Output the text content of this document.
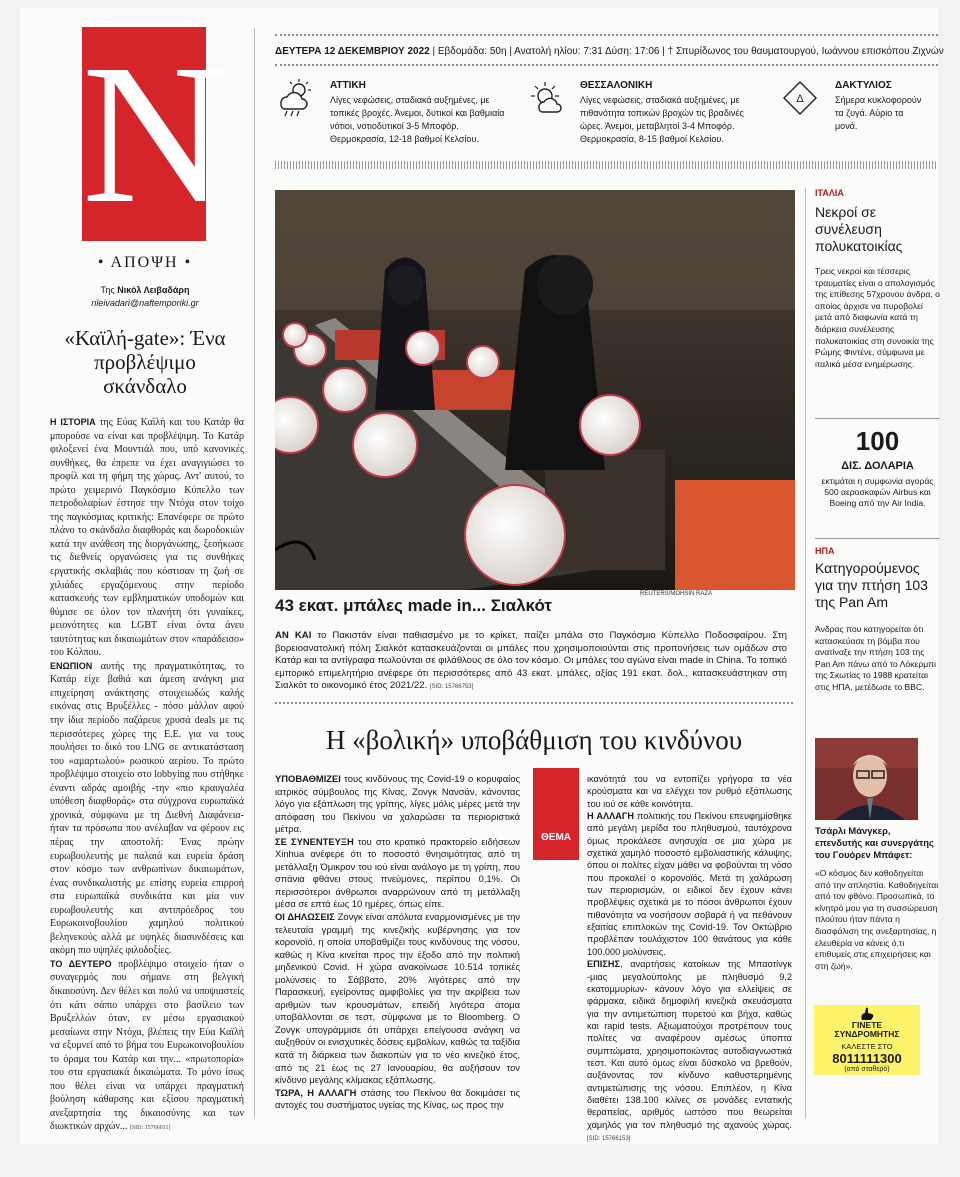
N
• ΑΠΟΨΗ •
Της Νικόλ Λειβαδάρη
nleivadari@naftemporiki.gr
«Καϊλή-gate»: Ένα προβλέψιμο σκάνδαλο

Η ΙΣΤΟΡΙΑ της Εύας Καϊλή και του Κατάρ θα μπορούσε να είναι και προβλέψιμη. Το Κατάρ φιλοξενεί ένα Μουντιάλ που, υπό κανονικές συνθήκες, θα έπρεπε να έχει αναγιγιώσει το προφίλ και τη φήμη της χώρας. Αντ' αυτού, το πρώτο χειμερινό Παγκόσμιο Κύπελλο των πετροδολαρίων έστησε την Ντόχα στον τοίχο της παγκόσμιας κριτικής: Επανέφερε σε πρώτο πλάνο το σκάνδαλο διαφθοράς και δωροδοκιών κατά την ανάθεση της διοργάνωσης, ξεσήκωσε τις διεθνείς οργανώσεις για τις συνθήκες εργατικής σκλαβιάς που κόστισαν τη ζωή σε χιλιάδες εργαζόμενους στην περίοδο κατασκευής των εμβληματικών υποδομών και θύμισε σε όλον τον πλανήτη ότι γυναίκες, μειονότητες και LGBT είναι όντα άνευ ταυτότητας και δικαιωμάτων στον «παράδεισο» του Κόλπου.

ΕΝΩΠΙΟΝ αυτής της πραγματικότητας, το Κατάρ είχε βαθιά και άμεση ανάγκη μια επιχείρηση ανάκτησης στοιχειωδώς καλής εικόνας στις Βρυξέλλες - πόσο μάλλον αφού την ίδια περίοδο παζάρευε χρυσά deals με τις περισσότερες χώρες της Ε.Ε. για να τους πουλήσει το δικό του LNG σε αντικατάσταση του «αμαρτωλού» ρωσικού αερίου. Το πρώτο προβλέψιμο στοιχείο στο lobbying που στήθηκε έναντι αδράς αμοιβής -την «πιο κραυγαλέα υπόθεση διαφθοράς» στα σύγχρονα ευρωπαϊκά χρονικά, σύμφωνα με τη Διεθνή Διαφάνεια- ήταν τα πρόσωπα που ανέλαβαν να φέρουν εις πέρας την αποστολή: Ένας πρώην ευρωβουλευτής με παλαιά και ευρεία δράση στον κόσμο των ανθρωπίνων δικαιωμάτων, ένας συνδικαλιστής με επίσης ευρεία επιρροή στα ευρωπαϊκά συνδικάτα και μία νυν ευρωβουλευτής και αντιπρόεδρος του Ευρωκοινοβουλίου χαμηλού πολιτικού βεληνεκούς αλλά με υψηλές διασυνδέσεις και ακόμη πιο υψηλές φιλοδοξίες.

ΤΟ ΔΕΥΤΕΡΟ προβλέψιμο στοιχείο ήταν ο συναγερμός που σήμανε στη βελγική δικαιοσύνη. Δεν θέλει και πολύ να υποψιαστείς ότι κάτι σάπιο υπάρχει στο βασίλειο των Βρυξελλών όταν, εν μέσω εργασιακού μεσαίωνα στην Ντόχα, βλέπεις την Εύα Καϊλή να εξυμνεί από το βήμα του Ευρωκοινοβουλίου το όραμα του Κατάρ και την... «πρωτοπορία» του στα εργασιακά δικαιώματα. Το μόνο ίσως που θέλει είναι να υπάρχει πραγματική βούληση κάθαρσης και εξίσου πραγματική ανεξαρτησία της δικαιοσύνης και των διωκτικών αρχών... [SID: 15766011]

ΔΕΥΤΕΡΑ 12 ΔΕΚΕΜΒΡΙΟΥ 2022 | Εβδομάδα: 50η | Ανατολή ηλίου: 7:31 Δύση: 17:06 | † Σπυρίδωνος του θαυματουργού, Ιωάννου επισκόπου Ζιχνών
ΑΤΤΙΚΗ
Λίγες νεφώσεις, σταδιακά αυξημένες, με τοπικές βροχές. Άνεμοι, δυτικοί και βαθμιαία νότιοι, νοτιοδυτικοί 3-5 Μποφόρ. Θερμοκρασία, 12-18 βαθμοί Κελσίου.
ΘΕΣΣΑΛΟΝΙΚΗ
Λίγες νεφώσεις, σταδιακά αυξημένες, με πιθανότητα τοπικών βροχών τις βραδινές ώρες. Άνεμοι, μεταβλητοί 3-4 Μποφόρ. Θερμοκρασία, 8-15 βαθμοί Κελσίου.
Δ
ΔΑΚΤΥΛΙΟΣ
Σήμερα κυκλοφορούν τα ζυγά. Αύριο τα μονά.
REUTERS/MOHSIN RAZA
43 εκατ. μπάλες made in... Σιαλκότ
ΑΝ ΚΑΙ το Πακιστάν είναι παθιασμένο με το κρίκετ, παίζει μπάλα στο Παγκόσμιο Κύπελλο Ποδοσφαίρου. Στη βορειοανατολική πόλη Σιαλκότ κατασκευάζονται οι μπάλες που χρησιμοποιούνται στις προπονήσεις των ομάδων στο Κατάρ και τα αντίγραφα πωλούνται σε φιλάθλους σε όλο τον κόσμο. Οι μπάλες του αγώνα είναι made in China. Το τοπικό εμπορικό επιμελητήριο ανέφερε ότι περισσότερες από 43 εκατ. μπάλες, αξίας 191 εκατ. δολ., κατασκευάστηκαν στη Σιαλκότ το οικονομικό έτος 2021/22. [SID: 15766753]
Η «βολική» υποβάθμιση του κινδύνου

ΥΠΟΒΑΘΜΙΖΕΙ τους κινδύνους της Covid-19 ο κορυφαίος ιατρικός σύμβουλος της Κίνας, Ζονγκ Νανσάν, κάνοντας λόγο για εξάπλωση της γρίπης, λίγες μόλις μέρες μετά την απόφαση του Πεκίνου να χαλαρώσει τα περιοριστικά μέτρα.

ΣΕ ΣΥΝΕΝΤΕΥΞΗ του στο κρατικό πρακτορείο ειδήσεων Xinhua ανέφερε ότι το ποσοστό θνησιμότητας από τη μετάλλαξη Όμικρον του ιού είναι ανάλογο με τη γρίπη, που σπάνια φθάνει στους πνεύμονες, περίπου 0,1%. Οι περισσότεροι άνθρωποι αναρρώνουν από τη μετάλλαξη μέσα σε επτά έως 10 ημέρες, όπως είπε.

ΟΙ ΔΗΛΩΣΕΙΣ Ζονγκ είναι απόλυτα εναρμονισμένες με την τελευταία γραμμή της κινεζικής κυβέρνησης για τον κορονοϊό, η οποία υποβαθμίζει τους κινδύνους της νόσου, καθώς η Κίνα κινείται προς την έξοδο από την πολιτική μηδενικού Covid. Η χώρα ανακοίνωσε 10.514 τοπικές μολύνσεις το Σάββατο, 20% λιγότερες από την Παρασκευή, εγείροντας αμφιβολίες για την ακρίβεια των αριθμών των κρουσμάτων, επειδή λιγότερα άτομα υποβάλλονται σε τεστ, σύμφωνα με το Bloomberg. Ο Ζονγκ υπογράμμισε ότι υπάρχει επείγουσα ανάγκη να αυξηθούν οι ενισχυτικές δόσεις εμβολίων, καθώς τα ταξίδια κατά τη διάρκεια των διακοπών για το νέο κινεζικό έτος, από τις 21 έως τις 27 Ιανουαρίου, θα αυξήσουν τον κίνδυνο μεγάλης κλίμακας εξάπλωσης.

ΤΩΡΑ, Η ΑΛΛΑΓΗ στάσης του Πεκίνου θα δοκιμάσει τις αντοχές του συστήματος υγείας της Κίνας, ως προς την

ΘΕΜΑ

ικανότητά του να εντοπίζει γρήγορα τα νέα κρούσματα και να ελέγχει τον ρυθμό εξάπλωσης του ιού σε κάθε κοινότητα.

Η ΑΛΛΑΓΗ πολιτικής του Πεκίνου επευφημίσθηκε από μεγάλη μερίδα του πληθυσμού, ταυτόχρονα όμως προκάλεσε ανησυχία σε μια χώρα με σχετικά χαμηλό ποσοστό εμβολιαστικής κάλυψης, όπου οι πολίτες είχαν μάθει να φοβούνται τη νόσο που προκαλεί ο κορονοϊός. Μετά τη χαλάρωση των περιορισμών, οι ειδικοί δεν έχουν κάνει προβλέψεις σχετικά με το πόσοι άνθρωποι έχουν πιθανότητα να νοσήσουν σοβαρά ή να πεθάνουν εξαιτίας επιπλοκών της Covid-19. Τον Οκτώβριο προβλέπαν τουλάχιστον 100 θανάτους για κάθε 100.000 μολύνσεις.

ΕΠΙΣΗΣ, αναρτήσεις κατοίκων της Μπαοτίνγκ -μιας μεγαλούπολης με πληθυσμό 9,2 εκατομμυρίων- κάνουν λόγο για ελλείψεις σε φάρμακα, ειδικά δημοφιλή κινεζικά σκευάσματα για την αντιμετώπιση πυρετού και βήχα, καθώς και rapid tests. Αξιωματούχοι προτρέπουν τους πολίτες να αναφέρουν αμέσως ύποπτα συμπτώματα, χρησιμοποιώντας αυτοδιαγνωστικά τεστ. Και αυτό όμως είναι δύσκολο να βρεθούν, αυξάνοντας τον κίνδυνο καθυστερημένης αντιμετώπισης της νόσου. Επιπλέον, η Κίνα διαθέτει 138.100 κλίνες σε μονάδες εντατικής θεραπείας, αριθμός ωστόσο που θεωρείται χαμηλός για τον πληθυσμό της αχανούς χώρας. [SID: 15766153]

ΙΤΑΛΙΑ
Νεκροί σε συνέλευση πολυκατοικίας
Τρεις νεκροί και τέσσερις τραυματίες είναι ο απολογισμός της επίθεσης 57χρονου άνδρα, ο οποίος άρχισε να πυροβολεί μετά από διαφωνία κατά τη διάρκεια συνέλευσης πολυκατοικίας στη συνοικία της Ρώμης Φιντένε, σύμφωνα με ιταλικά μέσα ενημέρωσης.
100
ΔΙΣ. ΔΟΛΑΡΙΑ
εκτιμάται η συμφωνία αγοράς 500 αεροσκαφών Airbus και Boeing από την Air India.
ΗΠΑ
Κατηγορούμενος για την πτήση 103 της Pan Am
Άνδρας που κατηγορείται ότι κατασκεύασε τη βόμβα που ανατίναξε την πτήση 103 της Pan Am πάνω από το Λόκερμπι της Σκωτίας το 1988 κρατείται στις ΗΠΑ, μετέδωσε το BBC.
Τσάρλι Μάνγκερ, επενδυτής και συνεργάτης του Γουόρεν Μπάφετ:
«Ο κόσμος δεν καθοδηγείται από την απληστία. Καθοδηγείται από τον φθόνο. Προσωπικά, το κίνητρό μου για τη συσσώρευση πλούτου ήταν πάντα η διασφάλιση της ανεξαρτησίας, η ελευθερία να κάνεις ό,τι επιθυμείς στις επιχειρήσεις και στη ζωή».
ΓΙΝΕΤΕ
ΣΥΝΔΡΟΜΗΤΗΣ
ΚΑΛΕΣΤΕ ΣΤΟ
8011111300
(από σταθερό)
